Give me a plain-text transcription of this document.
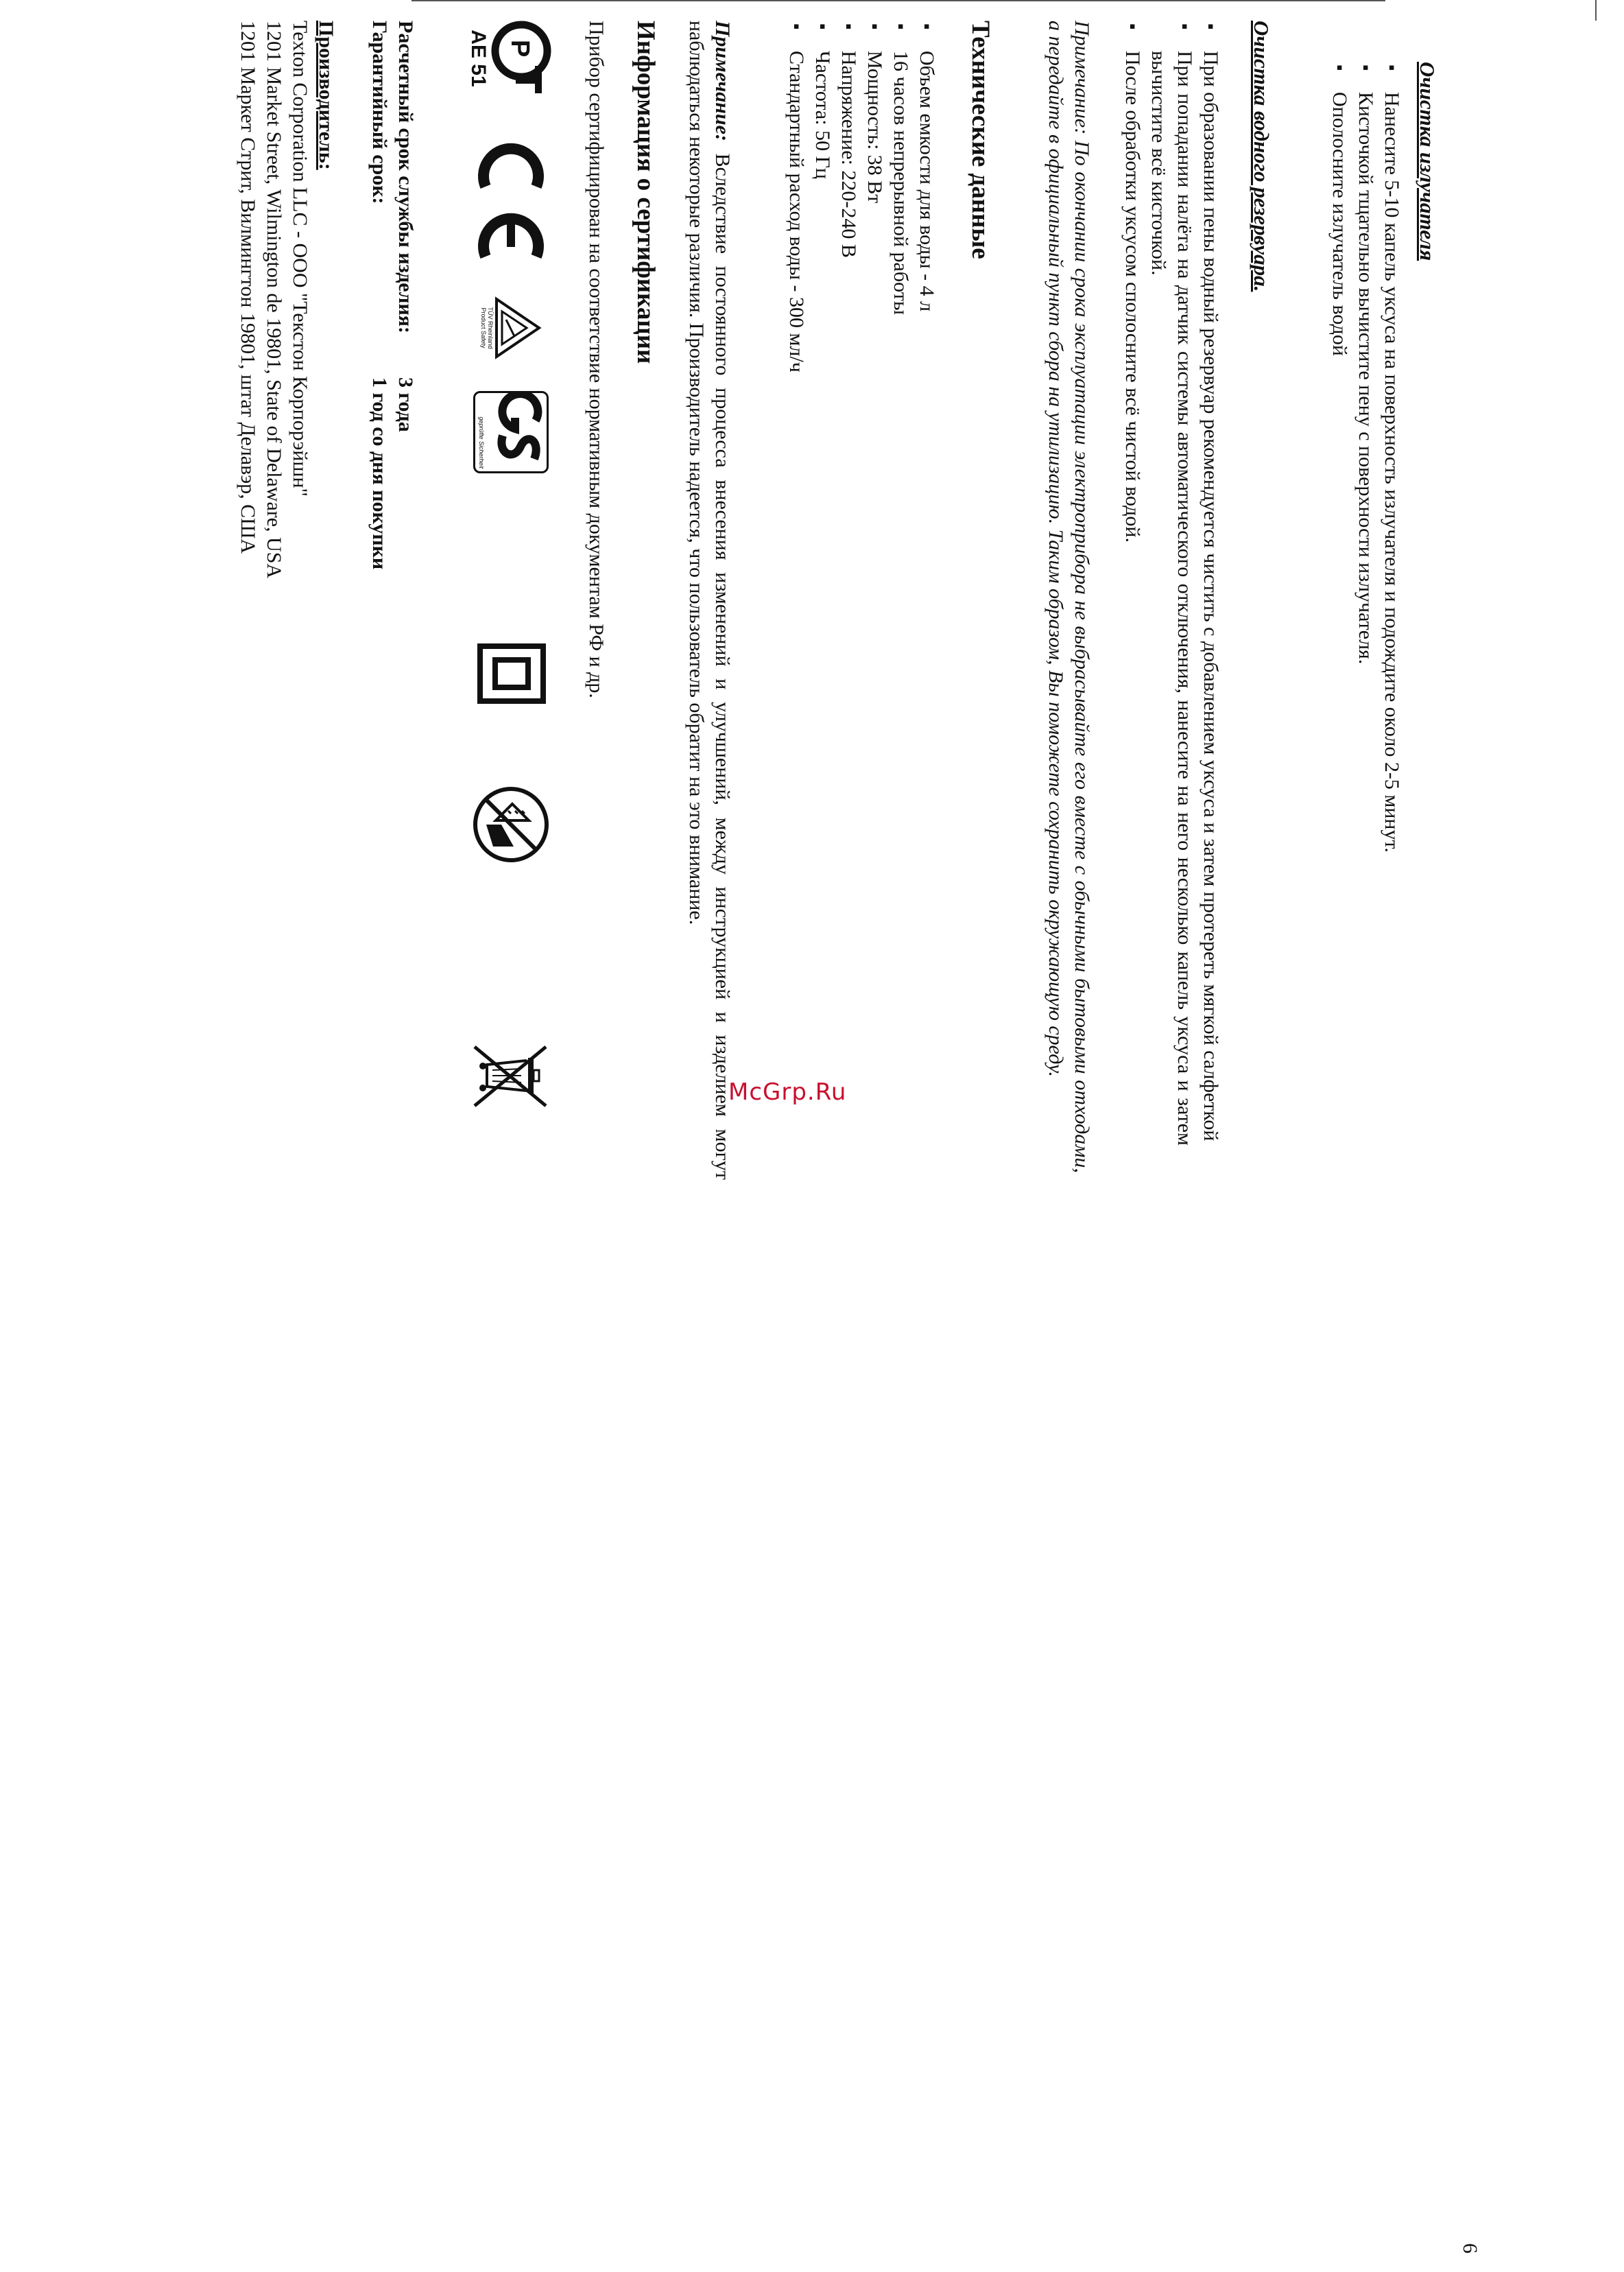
Очистка излучателя
▪ Нанесите 5-10 капель уксуса на поверхность излучателя и подождите около 2-5 минут.
▪ Кисточкой тщательно вычистите пену с поверхности излучателя.
▪ Ополосните излучатель водой
Очистка водного резервуара.
▪ При образовании пены водный резервуар рекомендуется чистить с добавлением уксуса и затем протереть мягкой салфеткой
▪ При попадании налёта на датчик системы автоматического отключения, нанесите на него несколько капель уксуса и затем вычистите всё кисточкой.
▪ После обработки уксусом сполосните всё чистой водой.

Примечание: По окончании срока эксплуатации электроприбора не выбрасывайте его вместе с обычными бытовыми отходами, а передайте в официальный пункт сбора на утилизацию. Таким образом, Вы поможете сохранить окружающую среду.

Технические данные
▪ Объем емкости для воды - 4 л
▪ 16 часов непрерывной работы
▪ Мощность: 38 Вт
▪ Напряжение: 220-240 В
▪ Частота: 50 Гц
▪ Стандартный расход воды - 300 мл/ч

Примечание: Вследствие постоянного процесса внесения изменений и улучшений, между инструкцией и изделием могут наблюдаться некоторые различия. Производитель надеется, что пользователь обратит на это внимание.

Информация о сертификации
Прибор сертифицирован на соответствие нормативным документам РФ и др.
P
АЕ 51
TÜV Rheinland Product Safety
geprüfte Sicherheit
Расчетный срок службы изделия:
3 года
Гарантийный срок:
1 год со дня покупки
Производитель:
Texton Corporation LLC - ООО "Текстон Корпорэйшн"
1201 Market Street, Wilmington de 19801, State of Delaware, USA
1201 Маркет Стрит, Вилмингтон 19801, штат Делавэр, США
6
McGrp.Ru
